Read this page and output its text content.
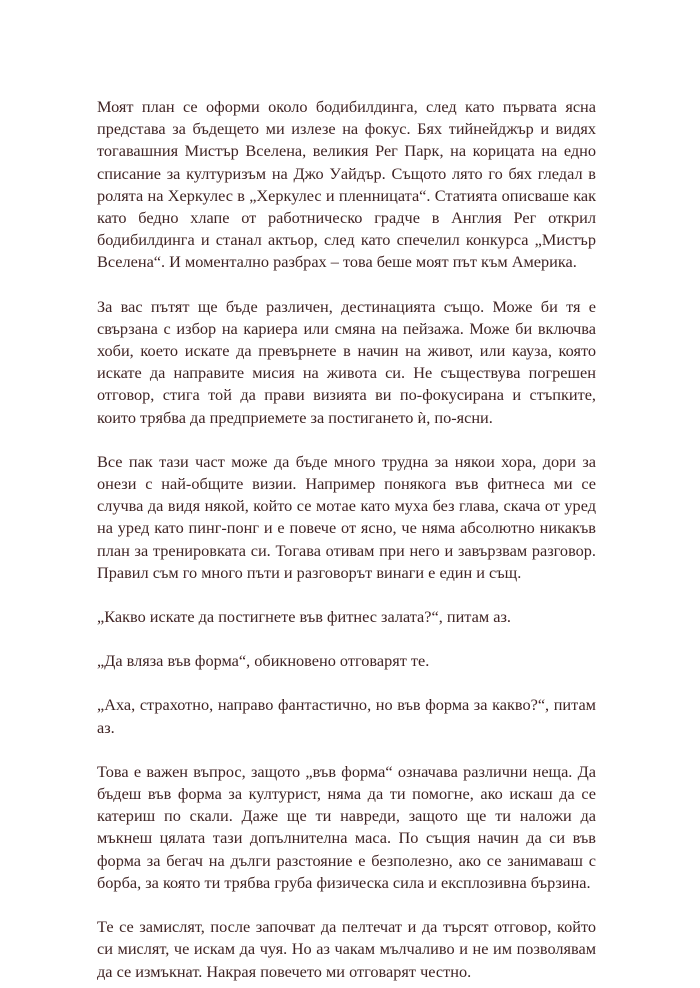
Моят план се оформи около бодибилдинга, след като първата ясна представа за бъдещето ми излезе на фокус. Бях тийнейджър и видях тогавашния Мистър Вселена, великия Рег Парк, на корицата на едно списание за културизъм на Джо Уайдър. Същото лято го бях гледал в ролята на Херкулес в „Херкулес и пленницата“. Статията описваше как като бедно хлапе от работническо градче в Англия Рег открил бодибилдинга и станал актьор, след като спечелил конкурса „Мистър Вселена“. И моментално разбрах – това беше моят път към Америка.

За вас пътят ще бъде различен, дестинацията също. Може би тя е свързана с избор на кариера или смяна на пейзажа. Може би включва хоби, което искате да превърнете в начин на живот, или кауза, която искате да направите мисия на живота си. Не съществува погрешен отговор, стига той да прави визията ви по-фокусирана и стъпките, които трябва да предприемете за постигането ѝ, по-ясни.

Все пак тази част може да бъде много трудна за някои хора, дори за онези с най-общите визии. Например понякога във фитнеса ми се случва да видя някой, който се мотае като муха без глава, скача от уред на уред като пинг-понг и е повече от ясно, че няма абсолютно никакъв план за тренировката си. Тогава отивам при него и завързвам разговор. Правил съм го много пъти и разговорът винаги е един и същ.

„Какво искате да постигнете във фитнес залата?“, питам аз.

„Да вляза във форма“, обикновено отговарят те.

„Аха, страхотно, направо фантастично, но във форма за какво?“, питам аз.

Това е важен въпрос, защото „във форма“ означава различни неща. Да бъдеш във форма за културист, няма да ти помогне, ако искаш да се катериш по скали. Даже ще ти навреди, защото ще ти наложи да мъкнеш цялата тази допълнителна маса. По същия начин да си във форма за бегач на дълги разстояние е безполезно, ако се занимаваш с борба, за която ти трябва груба физическа сила и експлозивна бързина.

Те се замислят, после започват да пелтечат и да търсят отговор, който си мислят, че искам да чуя. Но аз чакам мълчаливо и не им позволявам да се измъкнат. Накрая повечето ми отговарят честно.
